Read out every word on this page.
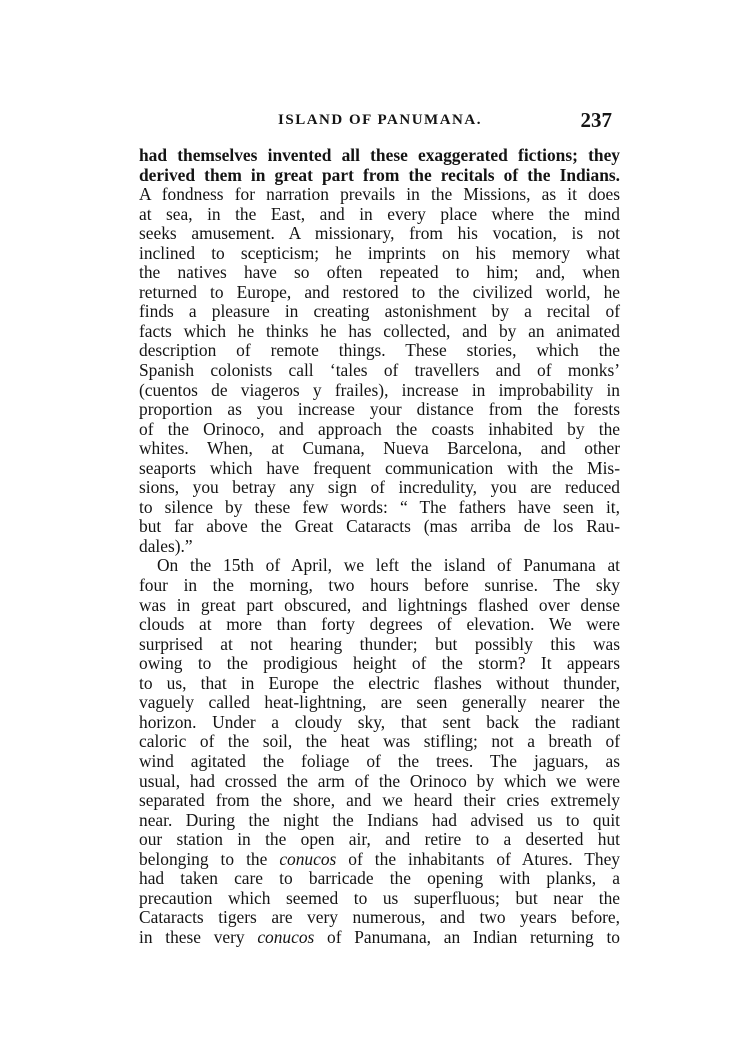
ISLAND OF PANUMANA.	237
had themselves invented all these exaggerated fictions; they
derived them in great part from the recitals of the Indians.
A fondness for narration prevails in the Missions, as it does
at sea, in the East, and in every place where the mind
seeks amusement. A missionary, from his vocation, is not
inclined to scepticism; he imprints on his memory what
the natives have so often repeated to him; and, when
returned to Europe, and restored to the civilized world, he
finds a pleasure in creating astonishment by a recital of
facts which he thinks he has collected, and by an animated
description of remote things. These stories, which the
Spanish colonists call ‘tales of travellers and of monks’
(cuentos de viageros y frailes), increase in improbability in
proportion as you increase your distance from the forests
of the Orinoco, and approach the coasts inhabited by the
whites. When, at Cumana, Nueva Barcelona, and other
seaports which have frequent communication with the Mis-
sions, you betray any sign of incredulity, you are reduced
to silence by these few words: “ The fathers have seen it,
but far above the Great Cataracts (mas arriba de los Rau-
dales).”
On the 15th of April, we left the island of Panumana at
four in the morning, two hours before sunrise. The sky
was in great part obscured, and lightnings flashed over dense
clouds at more than forty degrees of elevation. We were
surprised at not hearing thunder; but possibly this was
owing to the prodigious height of the storm? It appears
to us, that in Europe the electric flashes without thunder,
vaguely called heat-lightning, are seen generally nearer the
horizon. Under a cloudy sky, that sent back the radiant
caloric of the soil, the heat was stifling; not a breath of
wind agitated the foliage of the trees. The jaguars, as
usual, had crossed the arm of the Orinoco by which we were
separated from the shore, and we heard their cries extremely
near. During the night the Indians had advised us to quit
our station in the open air, and retire to a deserted hut
belonging to the conucos of the inhabitants of Atures. They
had taken care to barricade the opening with planks, a
precaution which seemed to us superfluous; but near the
Cataracts tigers are very numerous, and two years before,
in these very conucos of Panumana, an Indian returning to
